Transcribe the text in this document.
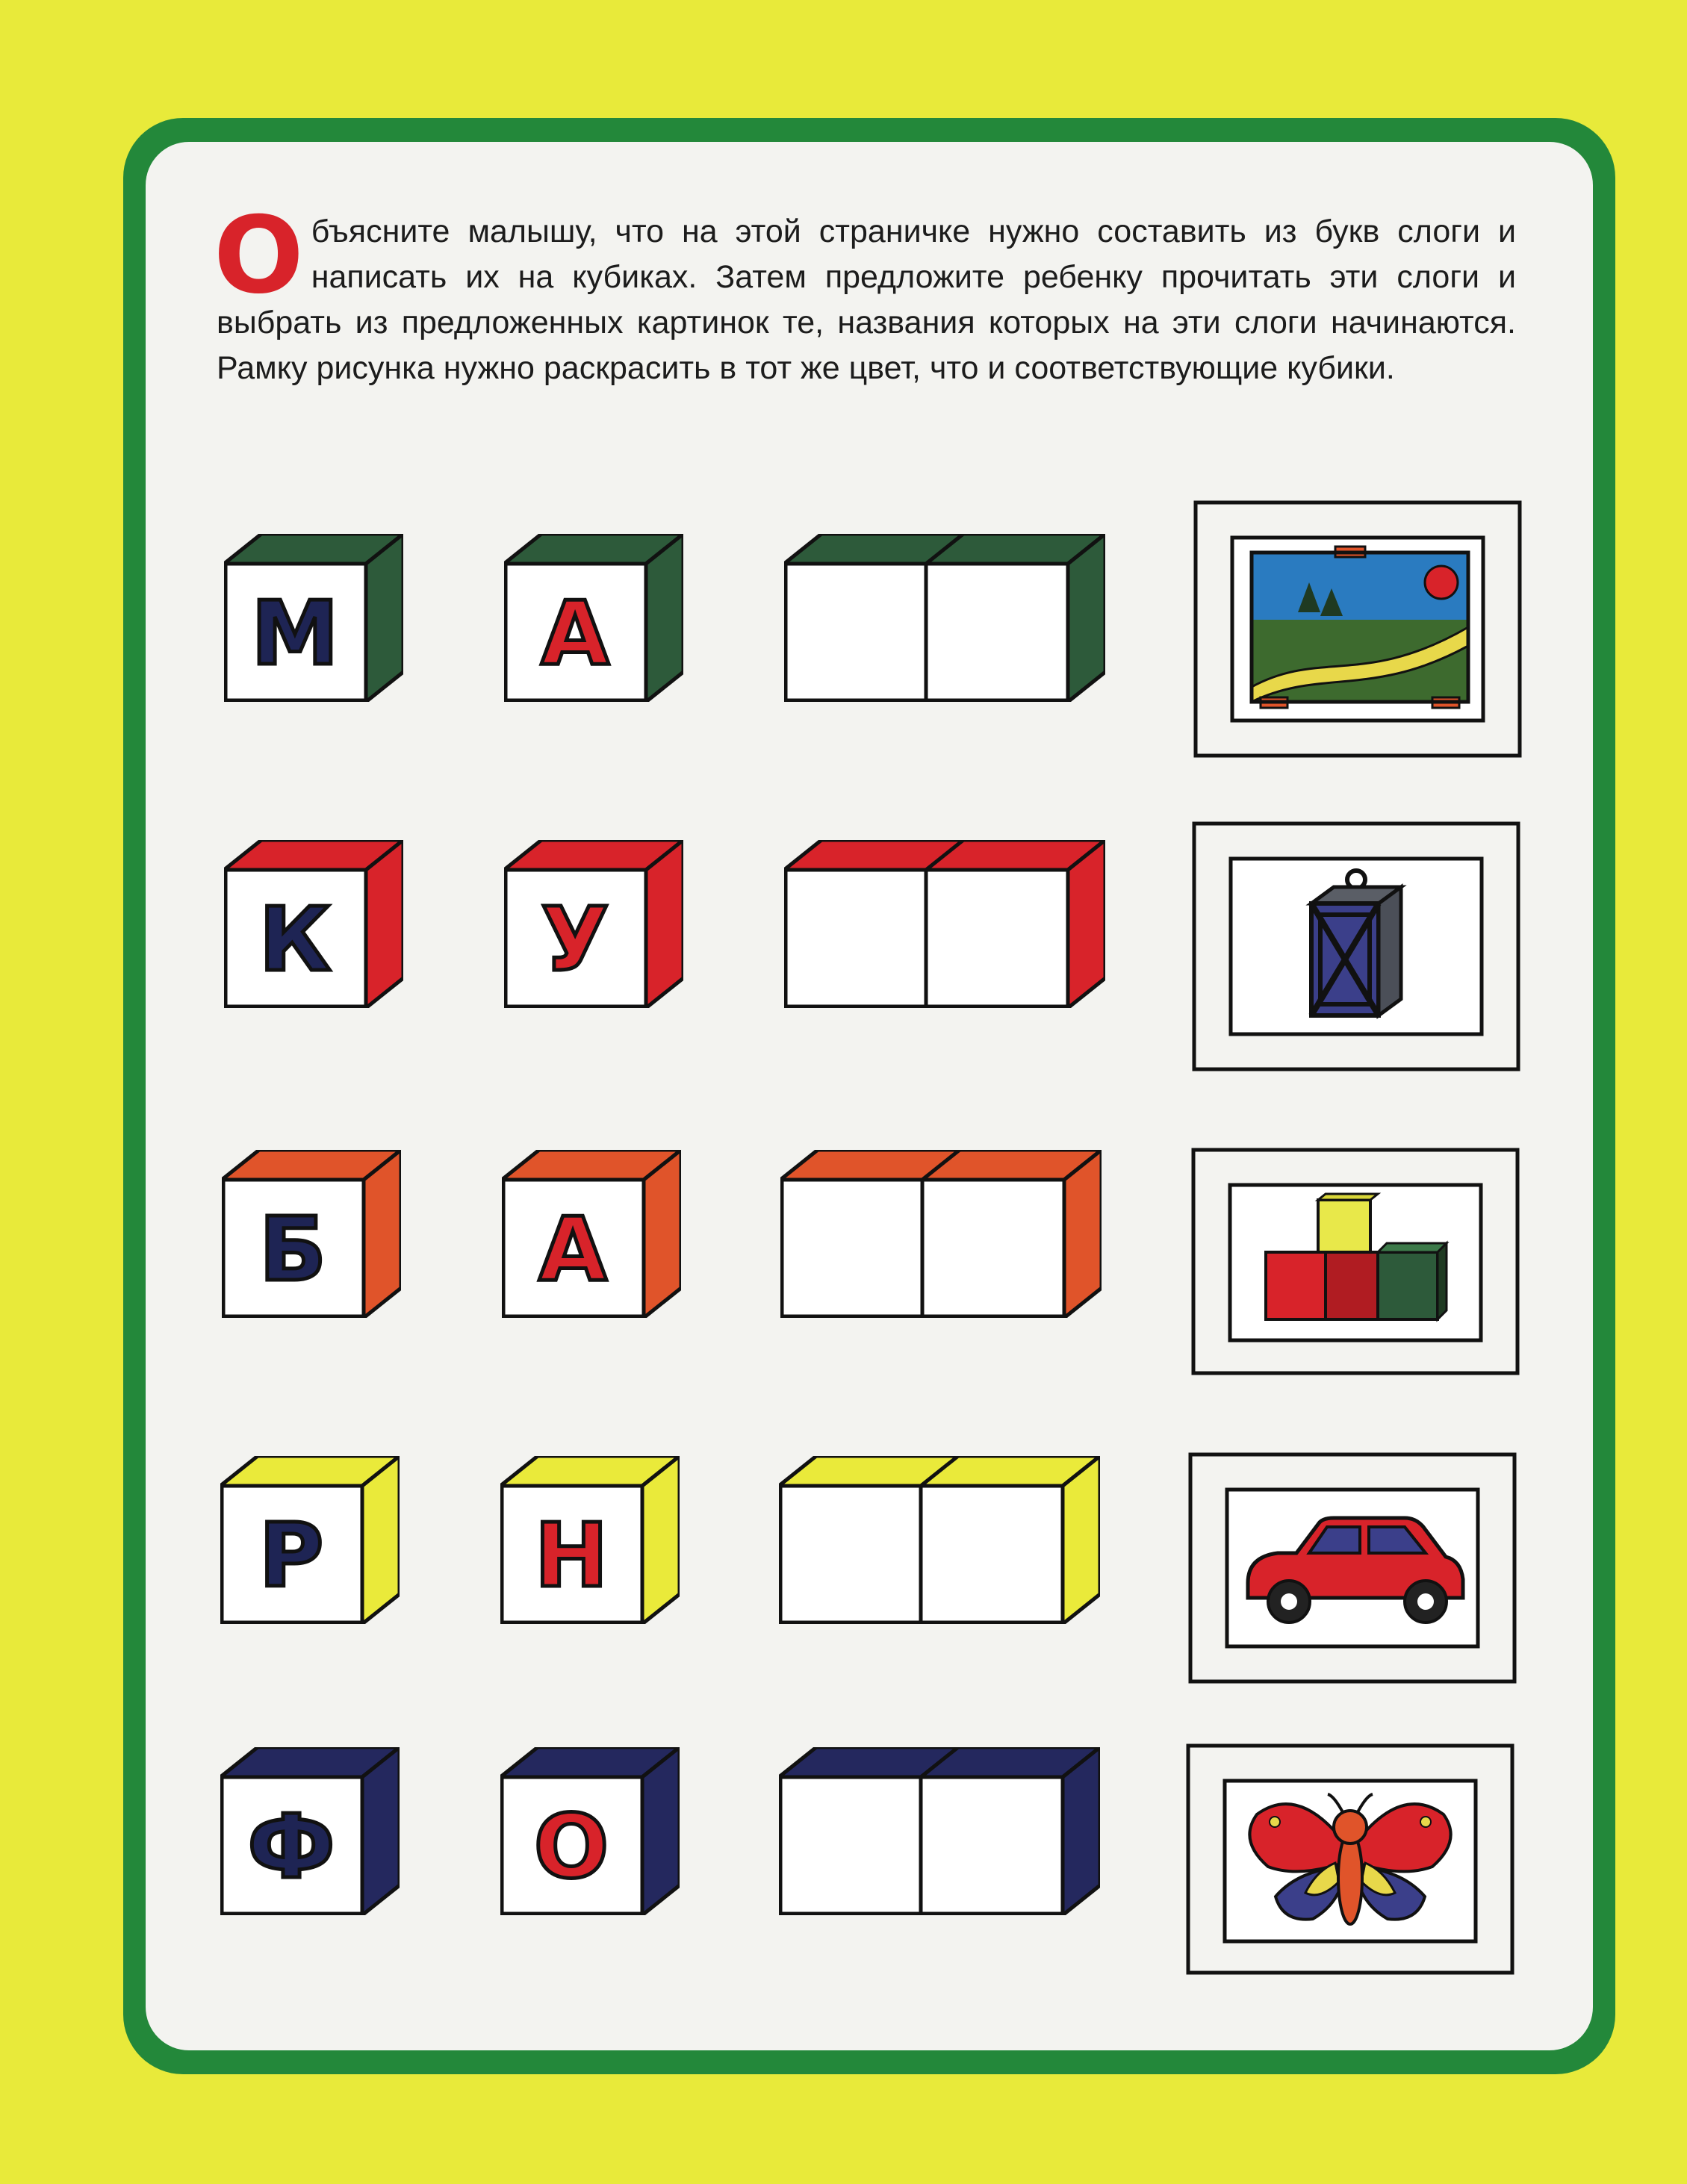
Объясните малышу, что на этой страничке нужно составить из букв слоги и написать их на кубиках. Затем предложите ребенку прочитать эти слоги и выбрать из предложенных картинок те, названия которых на эти слоги начинаются. Рамку рисунка нужно раскрасить в тот же цвет, что и соответствующие кубики.
М	А
К	У
Б	А
Р	Н
Ф	О
